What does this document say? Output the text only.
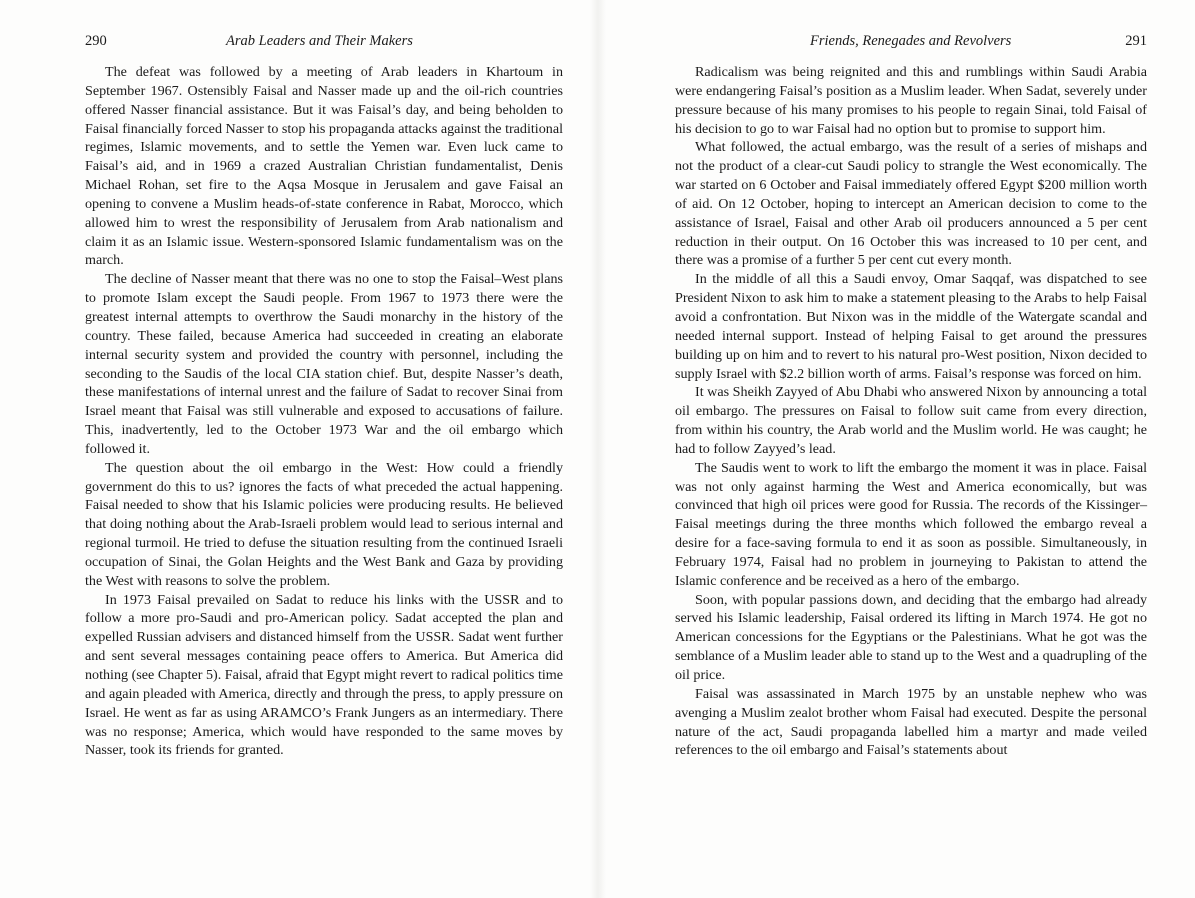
290	Arab Leaders and Their Makers

The defeat was followed by a meeting of Arab leaders in Khartoum in September 1967. Ostensibly Faisal and Nasser made up and the oil-rich countries offered Nasser financial assistance. But it was Faisal’s day, and being beholden to Faisal financially forced Nasser to stop his propaganda attacks against the traditional regimes, Islamic movements, and to settle the Yemen war. Even luck came to Faisal’s aid, and in 1969 a crazed Australian Christian fundamentalist, Denis Michael Rohan, set fire to the Aqsa Mosque in Jerusalem and gave Faisal an opening to convene a Muslim heads-of-state conference in Rabat, Morocco, which allowed him to wrest the responsibility of Jerusalem from Arab nationalism and claim it as an Islamic issue. Western-sponsored Islamic fundamentalism was on the march.

The decline of Nasser meant that there was no one to stop the Faisal–West plans to promote Islam except the Saudi people. From 1967 to 1973 there were the greatest internal attempts to overthrow the Saudi monarchy in the history of the country. These failed, because America had succeeded in creating an elaborate internal security system and provided the country with personnel, including the seconding to the Saudis of the local CIA station chief. But, despite Nasser’s death, these manifestations of internal unrest and the failure of Sadat to recover Sinai from Israel meant that Faisal was still vulnerable and exposed to accusations of failure. This, inadvertently, led to the October 1973 War and the oil embargo which followed it.

The question about the oil embargo in the West: How could a friendly government do this to us? ignores the facts of what preceded the actual happening. Faisal needed to show that his Islamic policies were producing results. He believed that doing nothing about the Arab-Israeli problem would lead to serious internal and regional turmoil. He tried to defuse the situation resulting from the continued Israeli occupation of Sinai, the Golan Heights and the West Bank and Gaza by providing the West with reasons to solve the problem.

In 1973 Faisal prevailed on Sadat to reduce his links with the USSR and to follow a more pro-Saudi and pro-American policy. Sadat accepted the plan and expelled Russian advisers and distanced himself from the USSR. Sadat went further and sent several messages containing peace offers to America. But America did nothing (see Chapter 5). Faisal, afraid that Egypt might revert to radical politics time and again pleaded with America, directly and through the press, to apply pressure on Israel. He went as far as using ARAMCO’s Frank Jungers as an intermediary. There was no response; America, which would have responded to the same moves by Nasser, took its friends for granted.

Friends, Renegades and Revolvers	291

Radicalism was being reignited and this and rumblings within Saudi Arabia were endangering Faisal’s position as a Muslim leader. When Sadat, severely under pressure because of his many promises to his people to regain Sinai, told Faisal of his decision to go to war Faisal had no option but to promise to support him.

What followed, the actual embargo, was the result of a series of mishaps and not the product of a clear-cut Saudi policy to strangle the West economically. The war started on 6 October and Faisal immediately offered Egypt $200 million worth of aid. On 12 October, hoping to intercept an American decision to come to the assistance of Israel, Faisal and other Arab oil producers announced a 5 per cent reduction in their output. On 16 October this was increased to 10 per cent, and there was a promise of a further 5 per cent cut every month.

In the middle of all this a Saudi envoy, Omar Saqqaf, was dispatched to see President Nixon to ask him to make a statement pleasing to the Arabs to help Faisal avoid a confrontation. But Nixon was in the middle of the Watergate scandal and needed internal support. Instead of helping Faisal to get around the pressures building up on him and to revert to his natural pro-West position, Nixon decided to supply Israel with $2.2 billion worth of arms. Faisal’s response was forced on him.

It was Sheikh Zayyed of Abu Dhabi who answered Nixon by announcing a total oil embargo. The pressures on Faisal to follow suit came from every direction, from within his country, the Arab world and the Muslim world. He was caught; he had to follow Zayyed’s lead.

The Saudis went to work to lift the embargo the moment it was in place. Faisal was not only against harming the West and America economically, but was convinced that high oil prices were good for Russia. The records of the Kissinger–Faisal meetings during the three months which followed the embargo reveal a desire for a face-saving formula to end it as soon as possible. Simultaneously, in February 1974, Faisal had no problem in journeying to Pakistan to attend the Islamic conference and be received as a hero of the embargo.

Soon, with popular passions down, and deciding that the embargo had already served his Islamic leadership, Faisal ordered its lifting in March 1974. He got no American concessions for the Egyptians or the Palestinians. What he got was the semblance of a Muslim leader able to stand up to the West and a quadrupling of the oil price.

Faisal was assassinated in March 1975 by an unstable nephew who was avenging a Muslim zealot brother whom Faisal had executed. Despite the personal nature of the act, Saudi propaganda labelled him a martyr and made veiled references to the oil embargo and Faisal’s statements about
